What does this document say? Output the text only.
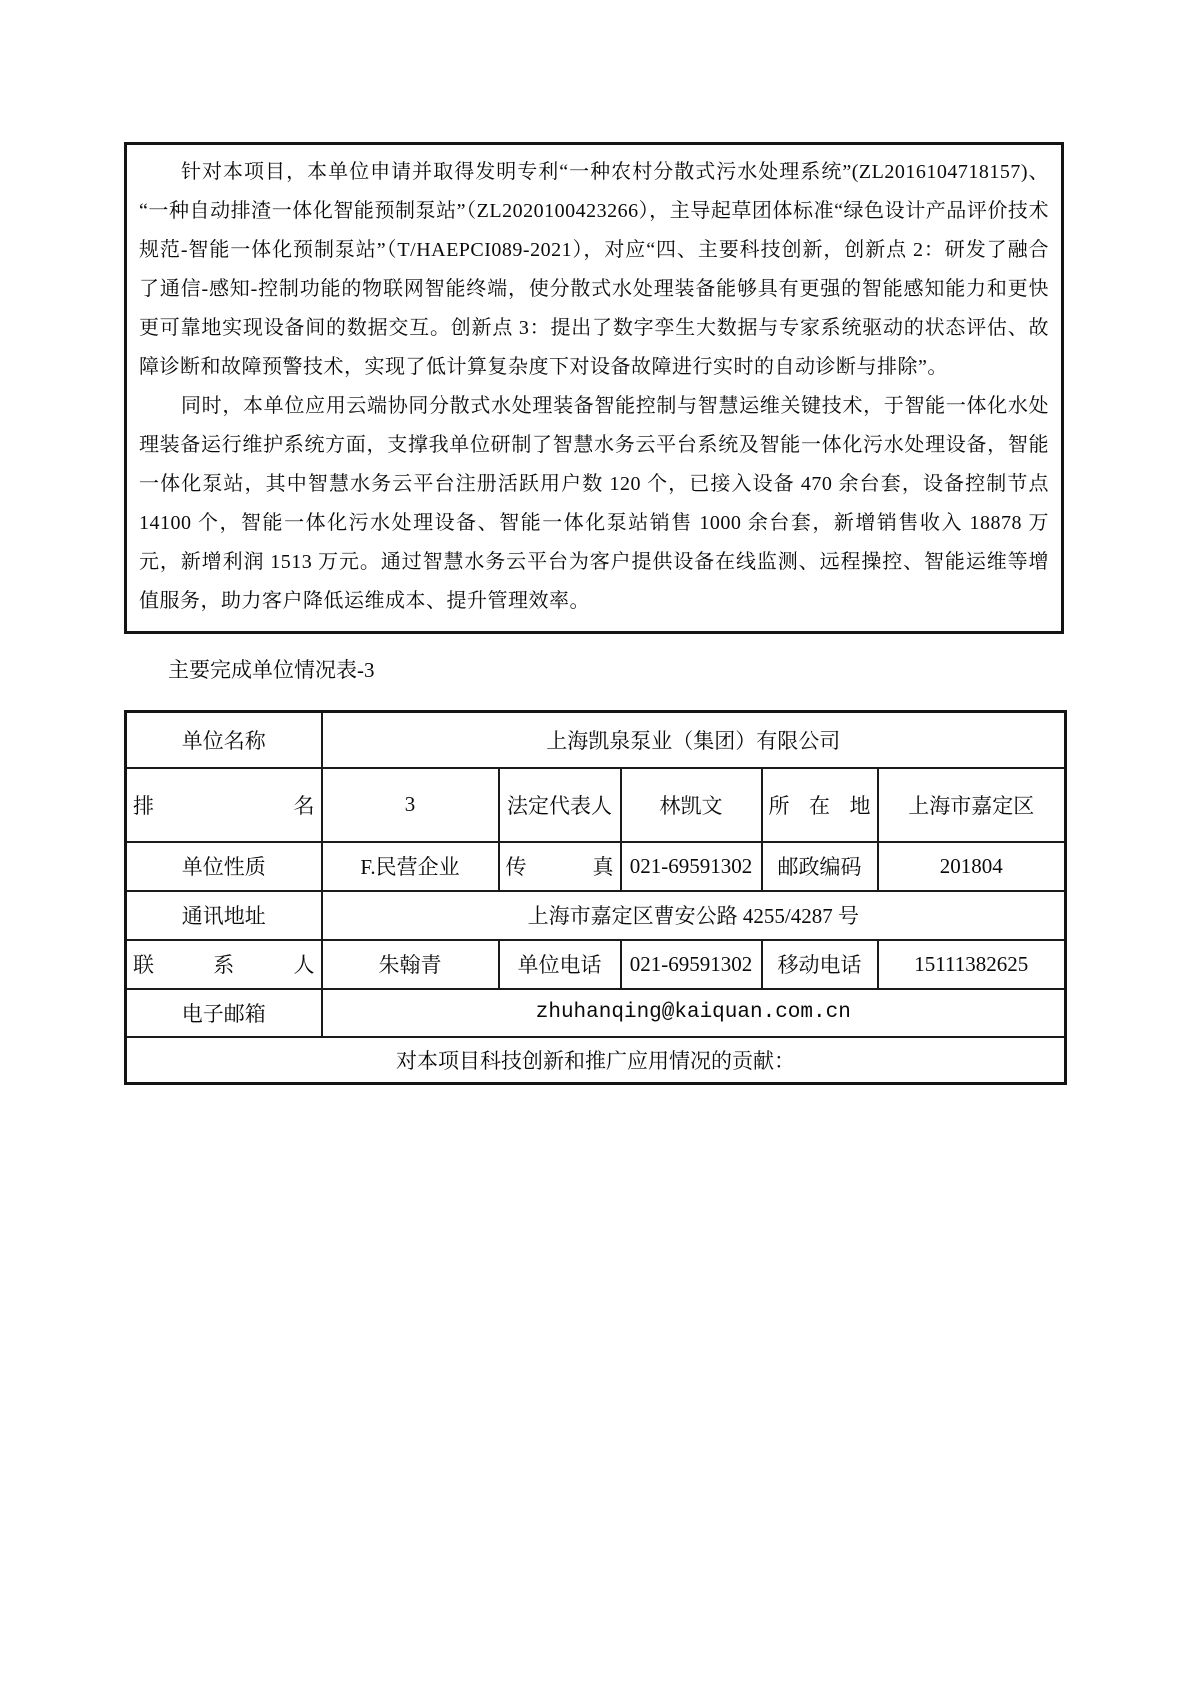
针对本项目，本单位申请并取得发明专利“一种农村分散式污水处理系统”(ZL2016104718157)、“一种自动排渣一体化智能预制泵站”（ZL2020100423266），主导起草团体标准“绿色设计产品评价技术规范-智能一体化预制泵站”（T/HAEPCI089-2021），对应“四、主要科技创新，创新点 2：研发了融合了通信-感知-控制功能的物联网智能终端，使分散式水处理装备能够具有更强的智能感知能力和更快更可靠地实现设备间的数据交互。创新点 3：提出了数字孪生大数据与专家系统驱动的状态评估、故障诊断和故障预警技术，实现了低计算复杂度下对设备故障进行实时的自动诊断与排除”。

同时，本单位应用云端协同分散式水处理装备智能控制与智慧运维关键技术，于智能一体化水处理装备运行维护系统方面，支撑我单位研制了智慧水务云平台系统及智能一体化污水处理设备，智能一体化泵站，其中智慧水务云平台注册活跃用户数 120 个，已接入设备 470 余台套，设备控制节点 14100 个，智能一体化污水处理设备、智能一体化泵站销售 1000 余台套，新增销售收入 18878 万元，新增利润 1513 万元。通过智慧水务云平台为客户提供设备在线监测、远程操控、智能运维等增值服务，助力客户降低运维成本、提升管理效率。

主要完成单位情况表-3
单位名称	上海凯泉泵业（集团）有限公司				
排名	3	法定代表人	林凯文	所在地	上海市嘉定区
单位性质	F.民营企业	传真	021-69591302	邮政编码	201804
通讯地址	上海市嘉定区曹安公路 4255/4287 号				
联系人	朱翰青	单位电话	021-69591302	移动电话	15111382625
电子邮箱	zhuhanqing@kaiquan.com.cn				
对本项目科技创新和推广应用情况的贡献：					
